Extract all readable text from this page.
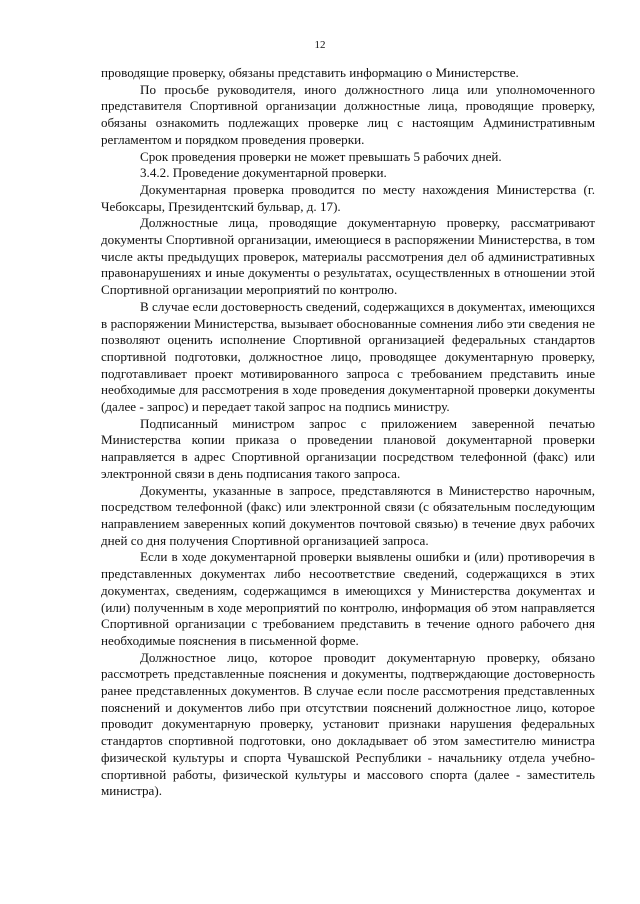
12

проводящие проверку, обязаны представить информацию о Министерстве.

По просьбе руководителя, иного должностного лица или уполномоченного представителя Спортивной организации должностные лица, проводящие проверку, обязаны ознакомить подлежащих проверке лиц с настоящим Административным регламентом и порядком проведения проверки.

Срок проведения проверки не может превышать 5 рабочих дней.

3.4.2. Проведение документарной проверки.

Документарная проверка проводится по месту нахождения Министерства (г. Чебоксары, Президентский бульвар, д. 17).

Должностные лица, проводящие документарную проверку, рассматривают документы Спортивной организации, имеющиеся в распоряжении Министерства, в том числе акты предыдущих проверок, материалы рассмотрения дел об административных правонарушениях и иные документы о результатах, осуществленных в отношении этой Спортивной организации мероприятий по контролю.

В случае если достоверность сведений, содержащихся в документах, имеющихся в распоряжении Министерства, вызывает обоснованные сомнения либо эти сведения не позволяют оценить исполнение Спортивной организацией федеральных стандартов спортивной подготовки, должностное лицо, проводящее документарную проверку, подготавливает проект мотивированного запроса с требованием представить иные необходимые для рассмотрения в ходе проведения документарной проверки документы (далее - запрос) и передает такой запрос на подпись министру.

Подписанный министром запрос с приложением заверенной печатью Министерства копии приказа о проведении плановой документарной проверки направляется в адрес Спортивной организации посредством телефонной (факс) или электронной связи в день подписания такого запроса.

Документы, указанные в запросе, представляются в Министерство нарочным, посредством телефонной (факс) или электронной связи (с обязательным последующим направлением заверенных копий документов почтовой связью) в течение двух рабочих дней со дня получения Спортивной организацией запроса.

Если в ходе документарной проверки выявлены ошибки и (или) противоречия в представленных документах либо несоответствие сведений, содержащихся в этих документах, сведениям, содержащимся в имеющихся у Министерства документах и (или) полученным в ходе мероприятий по контролю, информация об этом направляется Спортивной организации с требованием представить в течение одного рабочего дня необходимые пояснения в письменной форме.

Должностное лицо, которое проводит документарную проверку, обязано рассмотреть представленные пояснения и документы, подтверждающие достоверность ранее представленных документов. В случае если после рассмотрения представленных пояснений и документов либо при отсутствии пояснений должностное лицо, которое проводит документарную проверку, установит признаки нарушения федеральных стандартов спортивной подготовки, оно докладывает об этом заместителю министра физической культуры и спорта Чувашской Республики - начальнику отдела учебно-спортивной работы, физической культуры и массового спорта (далее - заместитель министра).
